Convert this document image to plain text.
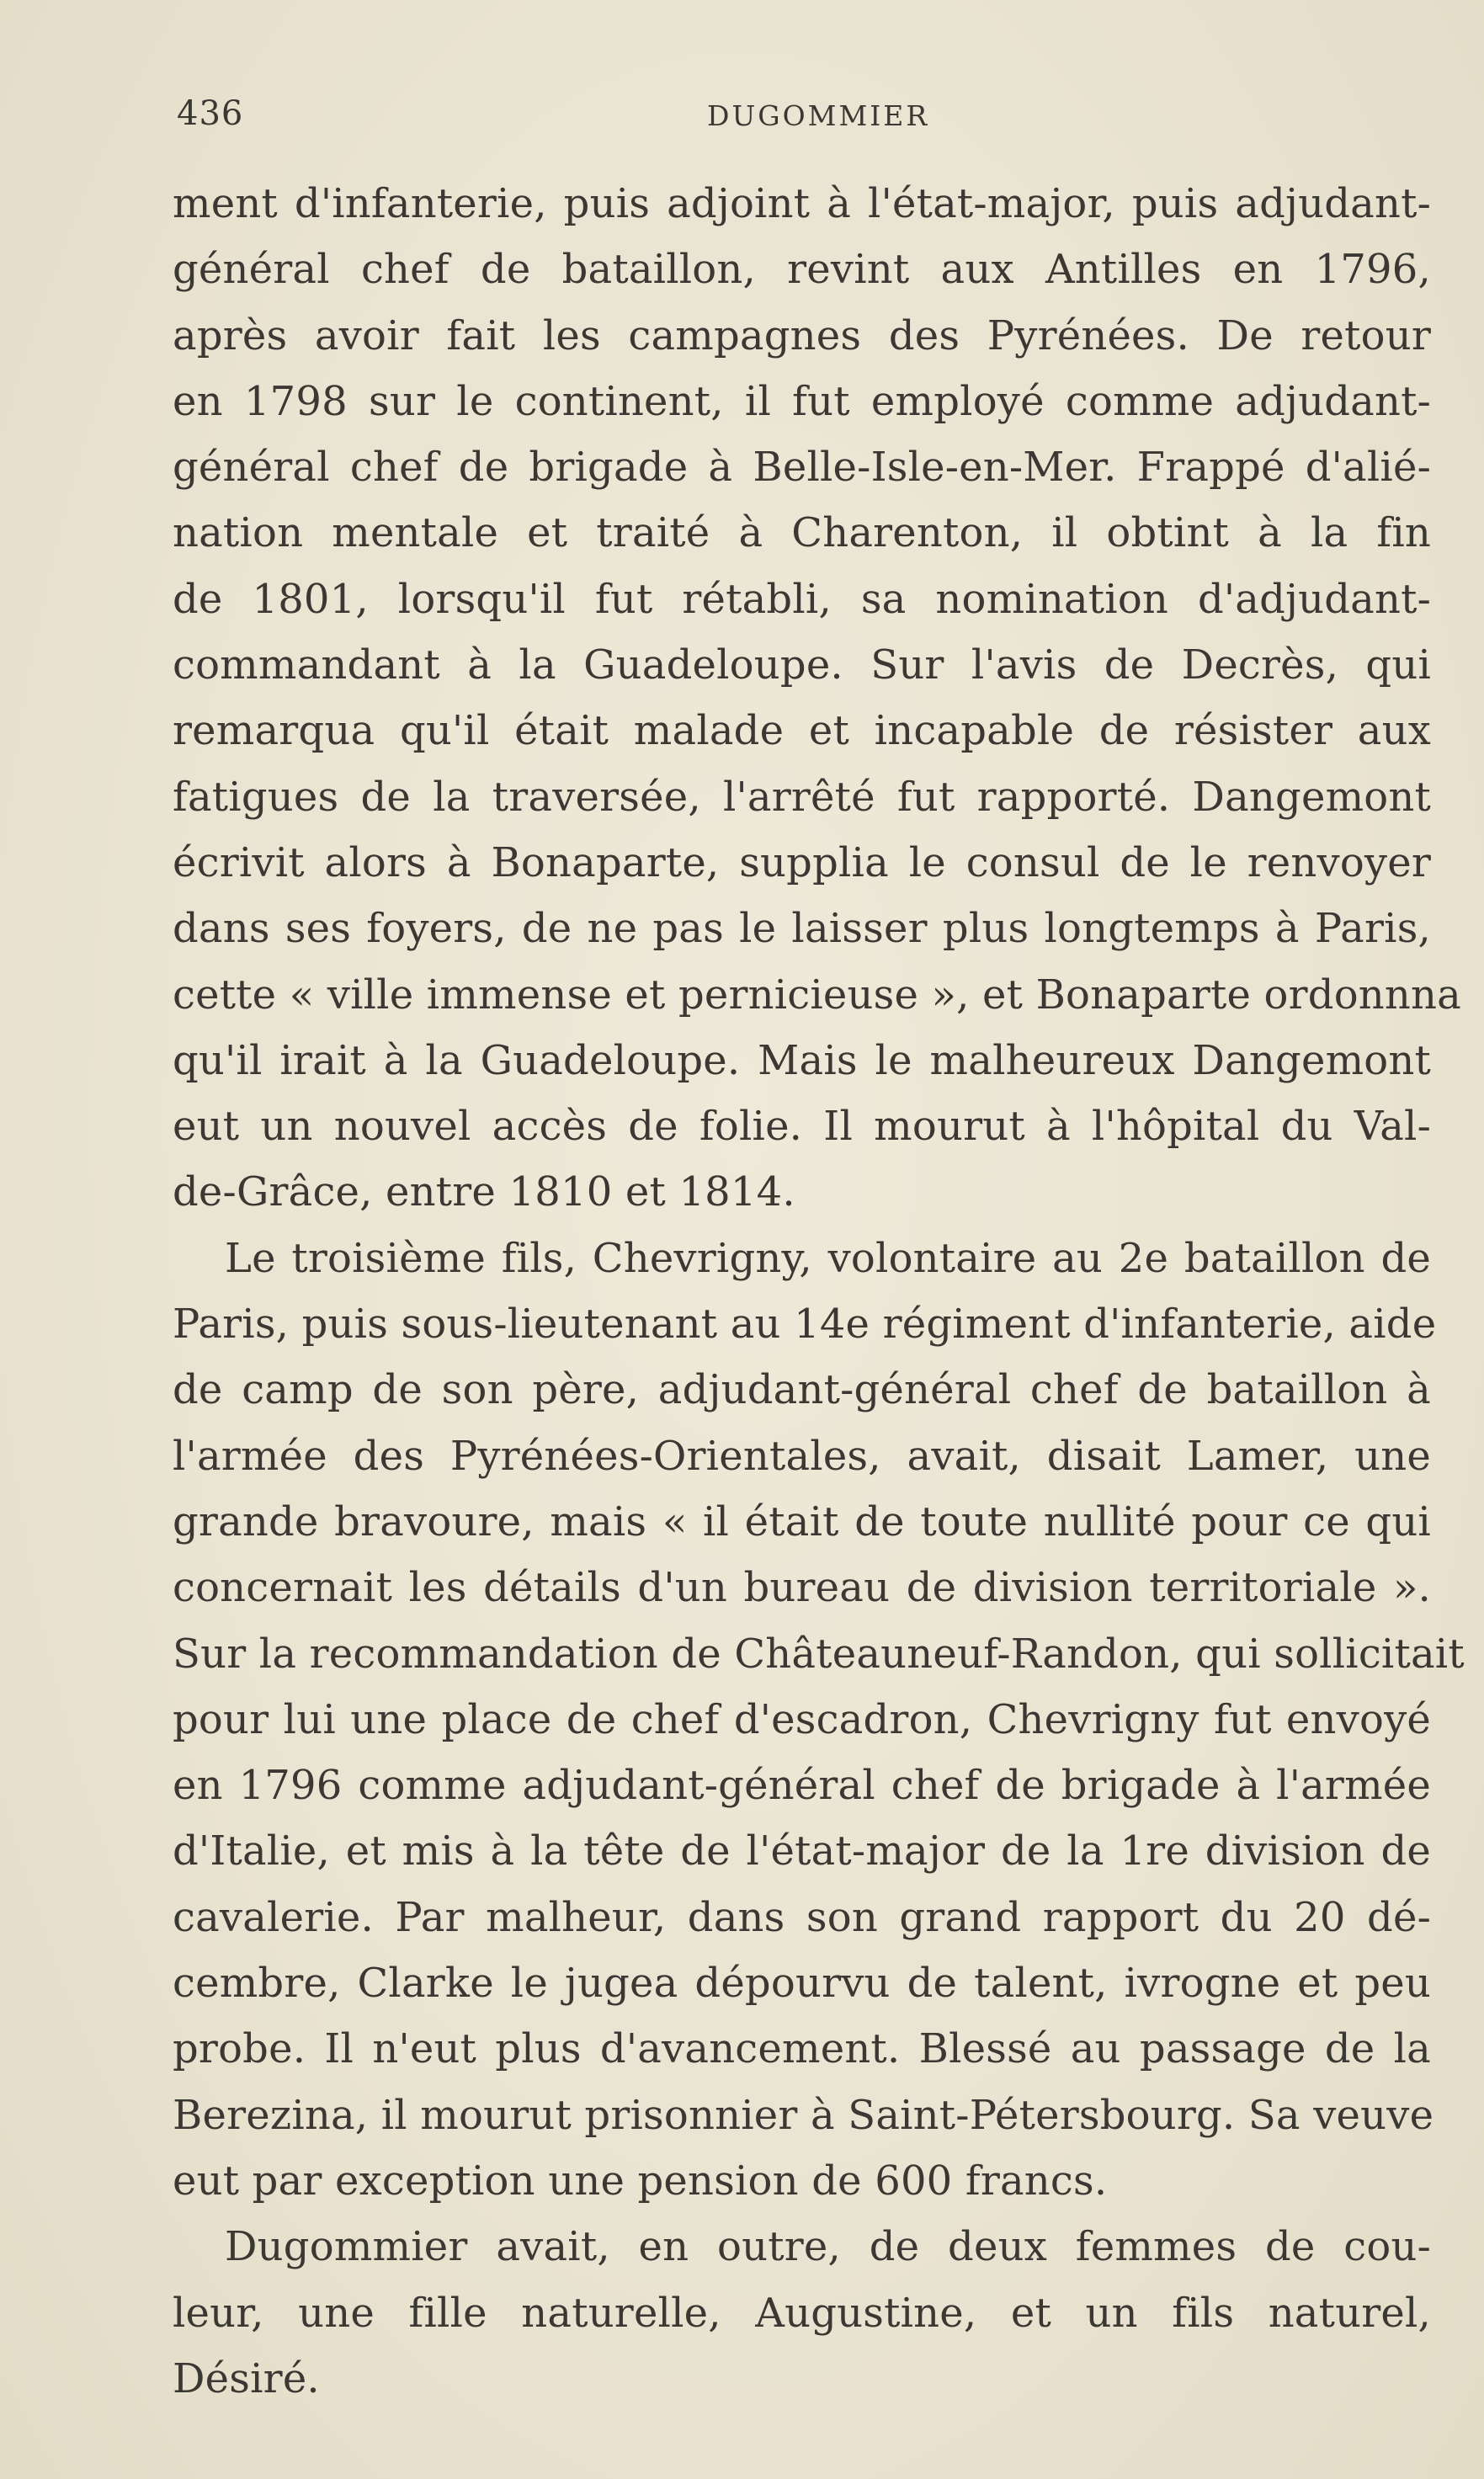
436	DUGOMMIER
ment d'infanterie, puis adjoint à l'état-major, puis adjudant-
général chef de bataillon, revint aux Antilles en 1796,
après avoir fait les campagnes des Pyrénées. De retour
en 1798 sur le continent, il fut employé comme adjudant-
général chef de brigade à Belle-Isle-en-Mer. Frappé d'alié-
nation mentale et traité à Charenton, il obtint à la fin
de 1801, lorsqu'il fut rétabli, sa nomination d'adjudant-
commandant à la Guadeloupe. Sur l'avis de Decrès, qui
remarqua qu'il était malade et incapable de résister aux
fatigues de la traversée, l'arrêté fut rapporté. Dangemont
écrivit alors à Bonaparte, supplia le consul de le renvoyer
dans ses foyers, de ne pas le laisser plus longtemps à Paris,
cette « ville immense et pernicieuse », et Bonaparte ordonnna
qu'il irait à la Guadeloupe. Mais le malheureux Dangemont
eut un nouvel accès de folie. Il mourut à l'hôpital du Val-
de-Grâce, entre 1810 et 1814.
Le troisième fils, Chevrigny, volontaire au 2e bataillon de
Paris, puis sous-lieutenant au 14e régiment d'infanterie, aide
de camp de son père, adjudant-général chef de bataillon à
l'armée des Pyrénées-Orientales, avait, disait Lamer, une
grande bravoure, mais « il était de toute nullité pour ce qui
concernait les détails d'un bureau de division territoriale ».
Sur la recommandation de Châteauneuf-Randon, qui sollicitait
pour lui une place de chef d'escadron, Chevrigny fut envoyé
en 1796 comme adjudant-général chef de brigade à l'armée
d'Italie, et mis à la tête de l'état-major de la 1re division de
cavalerie. Par malheur, dans son grand rapport du 20 dé-
cembre, Clarke le jugea dépourvu de talent, ivrogne et peu
probe. Il n'eut plus d'avancement. Blessé au passage de la
Berezina, il mourut prisonnier à Saint-Pétersbourg. Sa veuve
eut par exception une pension de 600 francs.
Dugommier avait, en outre, de deux femmes de cou-
leur, une fille naturelle, Augustine, et un fils naturel,
Désiré.
